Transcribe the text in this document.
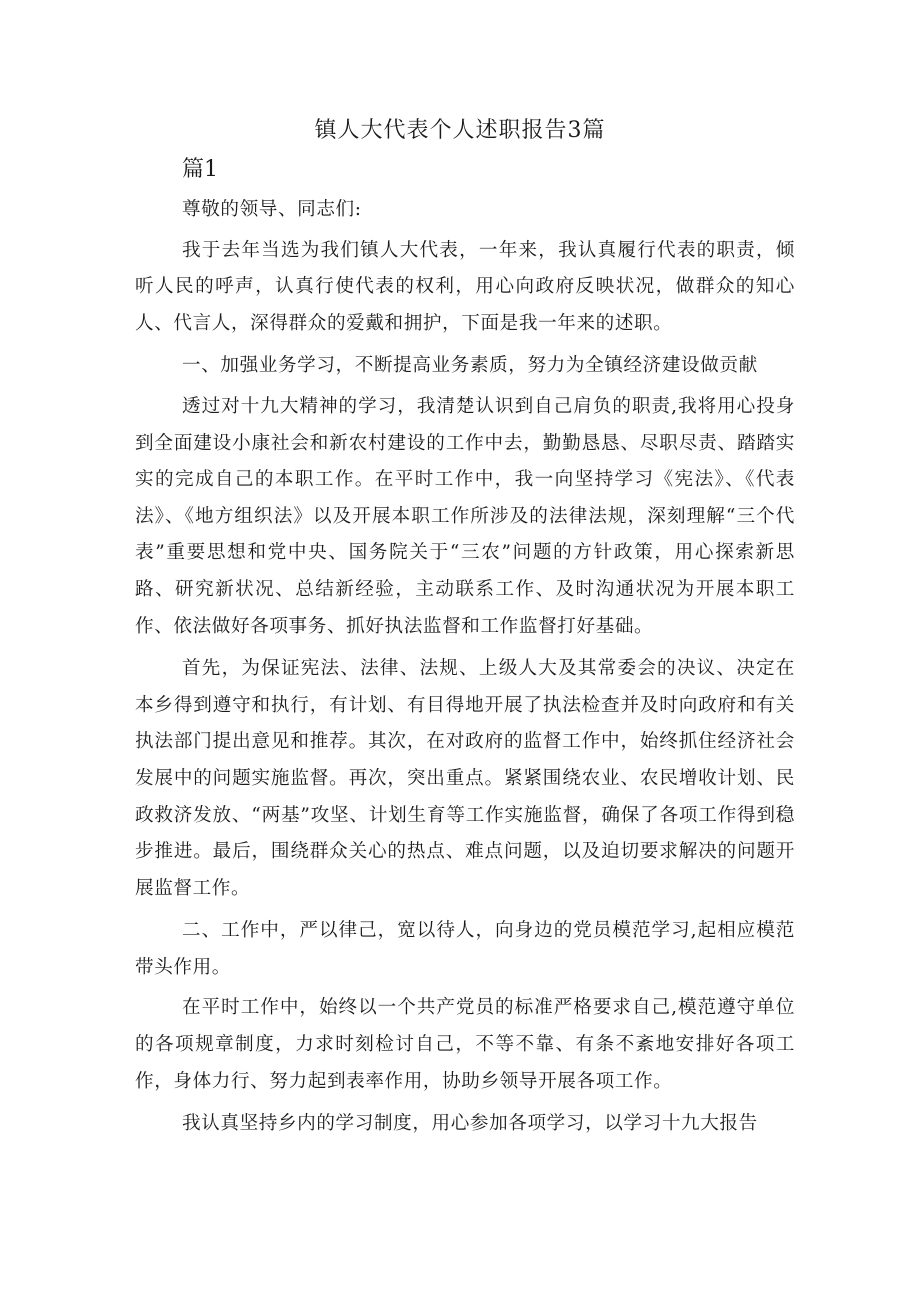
镇人大代表个人述职报告3篇
篇1

尊敬的领导、同志们:

我于去年当选为我们镇人大代表，一年来，我认真履行代表的职责，倾听人民的呼声，认真行使代表的权利，用心向政府反映状况，做群众的知心人、代言人，深得群众的爱戴和拥护，下面是我一年来的述职。

一、加强业务学习，不断提高业务素质，努力为全镇经济建设做贡献

透过对十九大精神的学习，我清楚认识到自己肩负的职责,我将用心投身到全面建设小康社会和新农村建设的工作中去，勤勤恳恳、尽职尽责、踏踏实实的完成自己的本职工作。在平时工作中，我一向坚持学习《宪法》、《代表法》、《地方组织法》以及开展本职工作所涉及的法律法规，深刻理解“三个代表”重要思想和党中央、国务院关于“三农”问题的方针政策，用心探索新思路、研究新状况、总结新经验，主动联系工作、及时沟通状况为开展本职工作、依法做好各项事务、抓好执法监督和工作监督打好基础。

首先，为保证宪法、法律、法规、上级人大及其常委会的决议、决定在本乡得到遵守和执行，有计划、有目得地开展了执法检查并及时向政府和有关执法部门提出意见和推荐。其次，在对政府的监督工作中，始终抓住经济社会发展中的问题实施监督。再次，突出重点。紧紧围绕农业、农民增收计划、民政救济发放、“两基”攻坚、计划生育等工作实施监督，确保了各项工作得到稳步推进。最后，围绕群众关心的热点、难点问题，以及迫切要求解决的问题开展监督工作。

二、工作中，严以律己，宽以待人，向身边的党员模范学习,起相应模范带头作用。

在平时工作中，始终以一个共产党员的标准严格要求自己,模范遵守单位的各项规章制度，力求时刻检讨自己，不等不靠、有条不紊地安排好各项工作，身体力行、努力起到表率作用，协助乡领导开展各项工作。

我认真坚持乡内的学习制度，用心参加各项学习，以学习十九大报告
